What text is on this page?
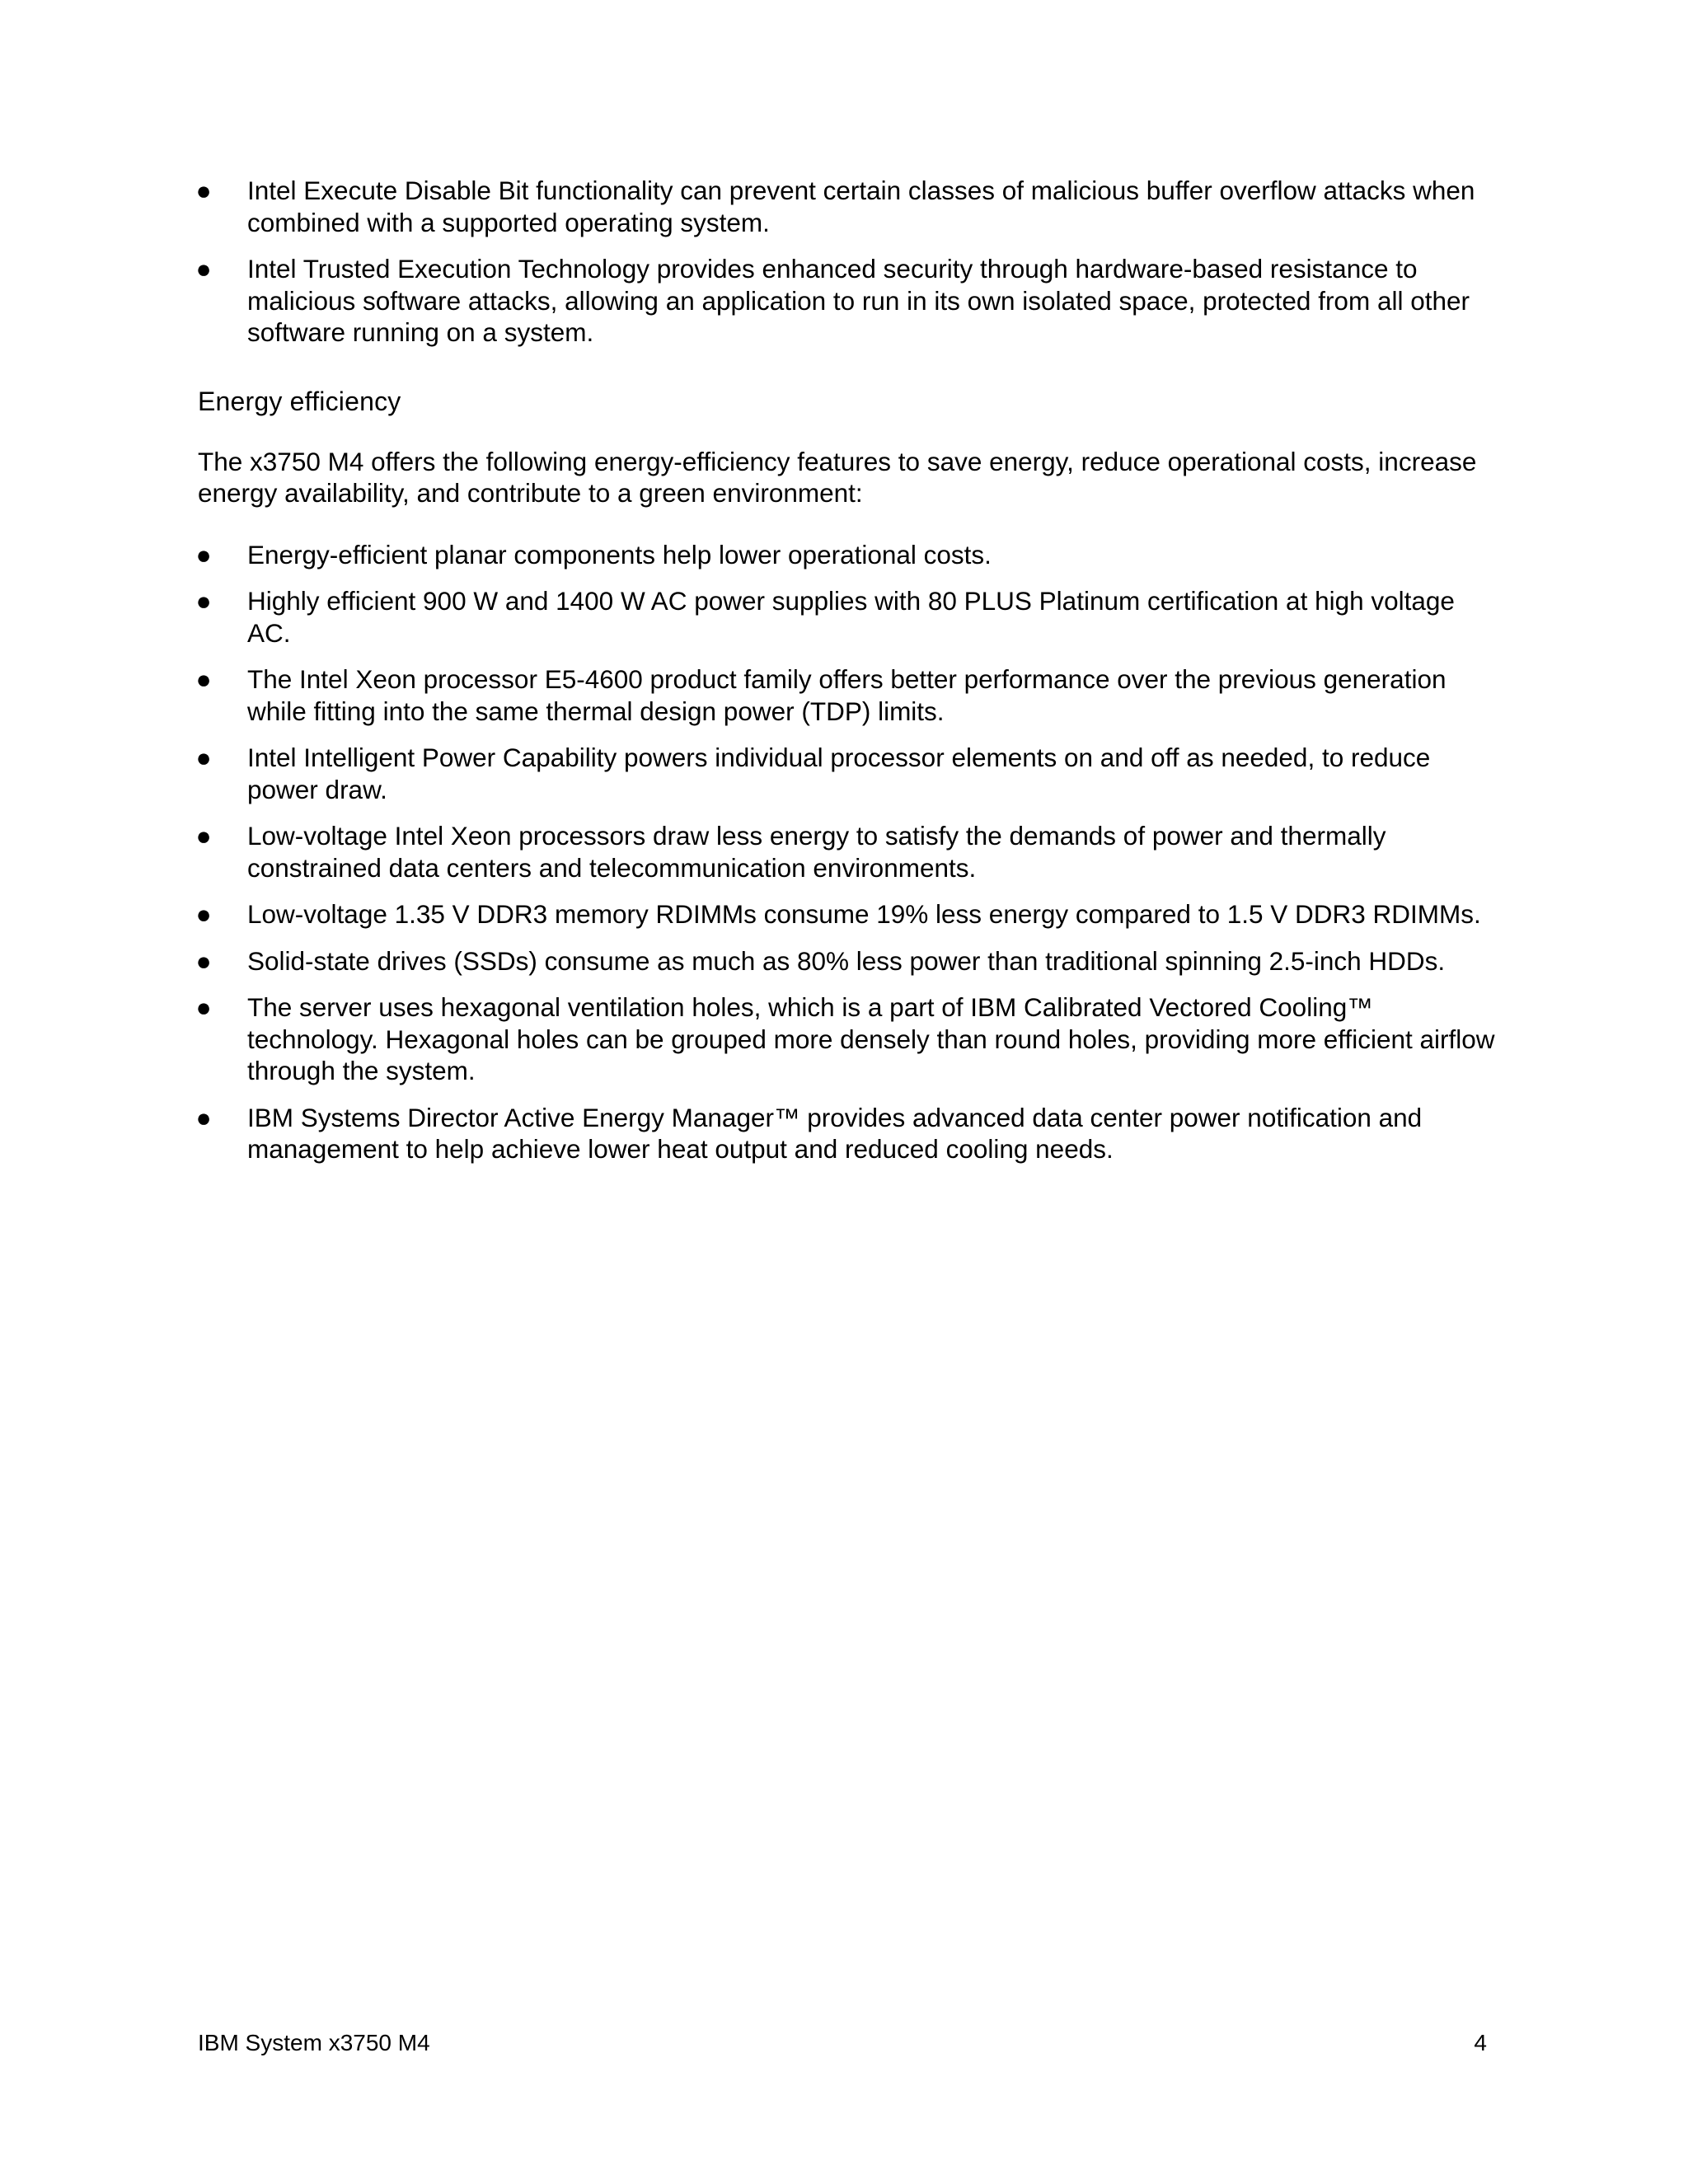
● Intel Execute Disable Bit functionality can prevent certain classes of malicious buffer overflow attacks when combined with a supported operating system.
● Intel Trusted Execution Technology provides enhanced security through hardware-based resistance to malicious software attacks, allowing an application to run in its own isolated space, protected from all other software running on a system.
Energy efficiency
The x3750 M4 offers the following energy-efficiency features to save energy, reduce operational costs, increase energy availability, and contribute to a green environment:
● Energy-efficient planar components help lower operational costs.
● Highly efficient 900 W and 1400 W AC power supplies with 80 PLUS Platinum certification at high voltage AC.
● The Intel Xeon processor E5-4600 product family offers better performance over the previous generation while fitting into the same thermal design power (TDP) limits.
● Intel Intelligent Power Capability powers individual processor elements on and off as needed, to reduce power draw.
● Low-voltage Intel Xeon processors draw less energy to satisfy the demands of power and thermally constrained data centers and telecommunication environments.
● Low-voltage 1.35 V DDR3 memory RDIMMs consume 19% less energy compared to 1.5 V DDR3 RDIMMs.
● Solid-state drives (SSDs) consume as much as 80% less power than traditional spinning 2.5-inch HDDs.
● The server uses hexagonal ventilation holes, which is a part of IBM Calibrated Vectored Cooling™ technology. Hexagonal holes can be grouped more densely than round holes, providing more efficient airflow through the system.
● IBM Systems Director Active Energy Manager™ provides advanced data center power notification and management to help achieve lower heat output and reduced cooling needs.
IBM System x3750 M4	4
